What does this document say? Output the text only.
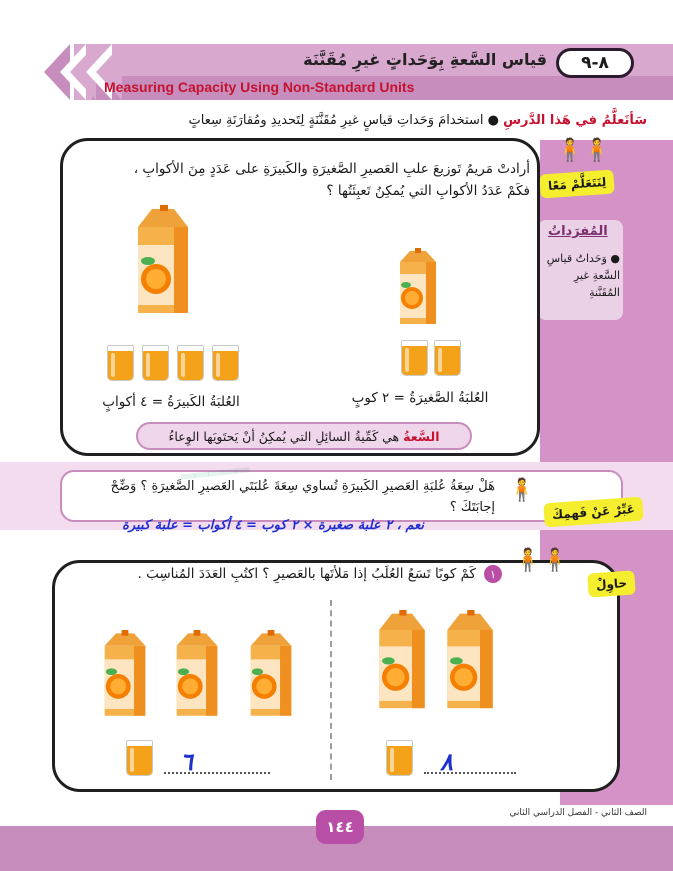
٨-٩
قياس السَّعةِ بِوَحَداتٍ غيرِ مُقَنَّنَة
Measuring Capacity Using Non-Standard Units
سَأتَعلَّمُ في هَذا الدَّرسِ ● استخدامَ وَحَداتِ قياسٍ غيرِ مُقَنَّنَةٍ لِتَحديدِ ومُقارَنَةِ سِعاتٍ
🧍🧍
لِنَتَعَلَّمْ مَعًا
المُفرَداتُ
● وَحَداتُ قياسِ السَّعةِ غيرِ المُقَنَّنةِ
أرادتْ مَريمُ تَوزيعَ علبِ العَصيرِ الصَّغيرَةِ والكَبيرَةِ على عَدَدٍ مِنَ الأكوابِ ، فكَمْ عَدَدُ الأكوابِ التي يُمكِنُ تَعبِئَتُها ؟
العُلبَةُ الكَبيرَةُ = ٤ أكوابٍ	العُلبَةُ الصَّغيرَةُ = ٢ كوبٍ
السَّعةُ
هي كَمِّيةُ السائِلِ التي يُمكِنُ أنْ يَحتَويَها الوِعاءُ
ـــــ
🧍
عَبِّرْ عَنْ فَهمِكَ
هَلْ سِعَةُ عُلبَةِ العَصيرِ الكَبيرَةِ تُساوي سِعَةَ عُلبَتَي العَصيرِ الصَّغيرَةِ ؟ وَضِّحْ إجابَتَكَ ؟
نعم ، ٢ علبة صغيرة × ٢ كوب = ٤ أكواب = علبة كبيرة
🧍🧍
حاوِلْ
١
كَمْ كوبًا تَسَعُ العُلَبُ إذا مَلأتَها بالعَصيرِ ؟ اكتُبِ العَدَدَ المُناسِبَ .
٦	٨
١٤٤
الصف الثاني - الفصل الدراسي الثاني
